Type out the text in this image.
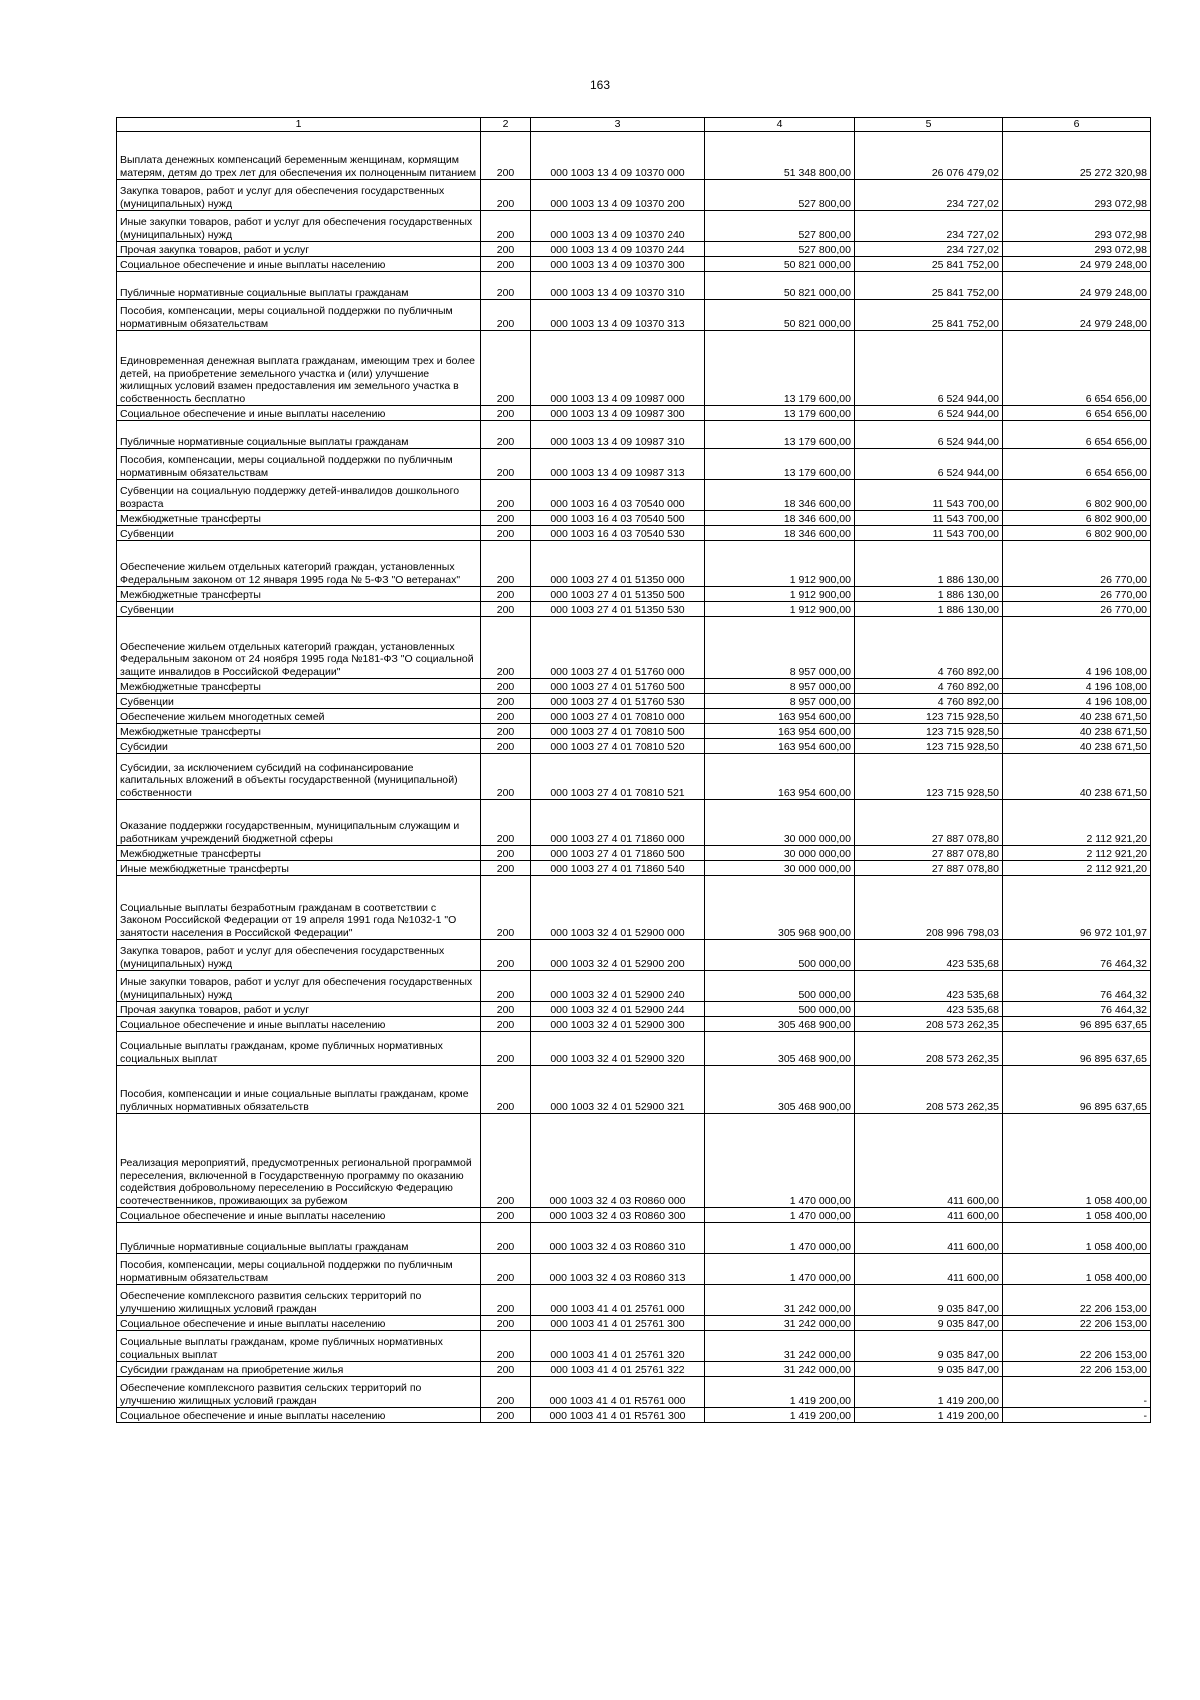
163
1	2	3	4	5	6
Выплата денежных компенсаций беременным женщинам, кормящим матерям, детям до трех лет для обеспечения их полноценным питанием	200	000 1003 13 4 09 10370 000	51 348 800,00	26 076 479,02	25 272 320,98
Закупка товаров, работ и услуг для обеспечения государственных (муниципальных) нужд	200	000 1003 13 4 09 10370 200	527 800,00	234 727,02	293 072,98
Иные закупки товаров, работ и услуг для обеспечения государственных (муниципальных) нужд	200	000 1003 13 4 09 10370 240	527 800,00	234 727,02	293 072,98
Прочая закупка товаров, работ и услуг	200	000 1003 13 4 09 10370 244	527 800,00	234 727,02	293 072,98
Социальное обеспечение и иные выплаты населению	200	000 1003 13 4 09 10370 300	50 821 000,00	25 841 752,00	24 979 248,00
Публичные нормативные социальные выплаты гражданам	200	000 1003 13 4 09 10370 310	50 821 000,00	25 841 752,00	24 979 248,00
Пособия, компенсации, меры социальной поддержки по публичным нормативным обязательствам	200	000 1003 13 4 09 10370 313	50 821 000,00	25 841 752,00	24 979 248,00
Единовременная денежная выплата гражданам, имеющим трех и более детей, на приобретение земельного участка и (или) улучшение жилищных условий взамен предоставления им земельного участка в собственность бесплатно	200	000 1003 13 4 09 10987 000	13 179 600,00	6 524 944,00	6 654 656,00
Социальное обеспечение и иные выплаты населению	200	000 1003 13 4 09 10987 300	13 179 600,00	6 524 944,00	6 654 656,00
Публичные нормативные социальные выплаты гражданам	200	000 1003 13 4 09 10987 310	13 179 600,00	6 524 944,00	6 654 656,00
Пособия, компенсации, меры социальной поддержки по публичным нормативным обязательствам	200	000 1003 13 4 09 10987 313	13 179 600,00	6 524 944,00	6 654 656,00
Субвенции на социальную поддержку детей-инвалидов дошкольного возраста	200	000 1003 16 4 03 70540 000	18 346 600,00	11 543 700,00	6 802 900,00
Межбюджетные трансферты	200	000 1003 16 4 03 70540 500	18 346 600,00	11 543 700,00	6 802 900,00
Субвенции	200	000 1003 16 4 03 70540 530	18 346 600,00	11 543 700,00	6 802 900,00
Обеспечение жильем отдельных категорий граждан, установленных Федеральным законом от 12 января 1995 года № 5-ФЗ "О ветеранах"	200	000 1003 27 4 01 51350 000	1 912 900,00	1 886 130,00	26 770,00
Межбюджетные трансферты	200	000 1003 27 4 01 51350 500	1 912 900,00	1 886 130,00	26 770,00
Субвенции	200	000 1003 27 4 01 51350 530	1 912 900,00	1 886 130,00	26 770,00
Обеспечение жильем отдельных категорий граждан, установленных Федеральным законом от 24 ноября 1995 года №181-ФЗ "О социальной защите инвалидов в Российской Федерации"	200	000 1003 27 4 01 51760 000	8 957 000,00	4 760 892,00	4 196 108,00
Межбюджетные трансферты	200	000 1003 27 4 01 51760 500	8 957 000,00	4 760 892,00	4 196 108,00
Субвенции	200	000 1003 27 4 01 51760 530	8 957 000,00	4 760 892,00	4 196 108,00
Обеспечение жильем многодетных семей	200	000 1003 27 4 01 70810 000	163 954 600,00	123 715 928,50	40 238 671,50
Межбюджетные трансферты	200	000 1003 27 4 01 70810 500	163 954 600,00	123 715 928,50	40 238 671,50
Субсидии	200	000 1003 27 4 01 70810 520	163 954 600,00	123 715 928,50	40 238 671,50
Субсидии, за исключением субсидий на софинансирование капитальных вложений в объекты государственной (муниципальной) собственности	200	000 1003 27 4 01 70810 521	163 954 600,00	123 715 928,50	40 238 671,50
Оказание поддержки государственным, муниципальным служащим и работникам учреждений бюджетной сферы	200	000 1003 27 4 01 71860 000	30 000 000,00	27 887 078,80	2 112 921,20
Межбюджетные трансферты	200	000 1003 27 4 01 71860 500	30 000 000,00	27 887 078,80	2 112 921,20
Иные межбюджетные трансферты	200	000 1003 27 4 01 71860 540	30 000 000,00	27 887 078,80	2 112 921,20
Социальные выплаты безработным гражданам в соответствии с Законом Российской Федерации от 19 апреля 1991 года №1032-1 "О занятости населения в Российской Федерации"	200	000 1003 32 4 01 52900 000	305 968 900,00	208 996 798,03	96 972 101,97
Закупка товаров, работ и услуг для обеспечения государственных (муниципальных) нужд	200	000 1003 32 4 01 52900 200	500 000,00	423 535,68	76 464,32
Иные закупки товаров, работ и услуг для обеспечения государственных (муниципальных) нужд	200	000 1003 32 4 01 52900 240	500 000,00	423 535,68	76 464,32
Прочая закупка товаров, работ и услуг	200	000 1003 32 4 01 52900 244	500 000,00	423 535,68	76 464,32
Социальное обеспечение и иные выплаты населению	200	000 1003 32 4 01 52900 300	305 468 900,00	208 573 262,35	96 895 637,65
Социальные выплаты гражданам, кроме публичных нормативных социальных выплат	200	000 1003 32 4 01 52900 320	305 468 900,00	208 573 262,35	96 895 637,65
Пособия, компенсации и иные социальные выплаты гражданам, кроме публичных нормативных обязательств	200	000 1003 32 4 01 52900 321	305 468 900,00	208 573 262,35	96 895 637,65
Реализация мероприятий, предусмотренных региональной программой переселения, включенной в Государственную программу по оказанию содействия добровольному переселению в Российскую Федерацию соотечественников, проживающих за рубежом	200	000 1003 32 4 03 R0860 000	1 470 000,00	411 600,00	1 058 400,00
Социальное обеспечение и иные выплаты населению	200	000 1003 32 4 03 R0860 300	1 470 000,00	411 600,00	1 058 400,00
Публичные нормативные социальные выплаты гражданам	200	000 1003 32 4 03 R0860 310	1 470 000,00	411 600,00	1 058 400,00
Пособия, компенсации, меры социальной поддержки по публичным нормативным обязательствам	200	000 1003 32 4 03 R0860 313	1 470 000,00	411 600,00	1 058 400,00
Обеспечение комплексного развития сельских территорий по улучшению жилищных условий граждан	200	000 1003 41 4 01 25761 000	31 242 000,00	9 035 847,00	22 206 153,00
Социальное обеспечение и иные выплаты населению	200	000 1003 41 4 01 25761 300	31 242 000,00	9 035 847,00	22 206 153,00
Социальные выплаты гражданам, кроме публичных нормативных социальных выплат	200	000 1003 41 4 01 25761 320	31 242 000,00	9 035 847,00	22 206 153,00
Субсидии гражданам на приобретение жилья	200	000 1003 41 4 01 25761 322	31 242 000,00	9 035 847,00	22 206 153,00
Обеспечение комплексного развития сельских территорий по улучшению жилищных условий граждан	200	000 1003 41 4 01 R5761 000	1 419 200,00	1 419 200,00	-
Социальное обеспечение и иные выплаты населению	200	000 1003 41 4 01 R5761 300	1 419 200,00	1 419 200,00	-
